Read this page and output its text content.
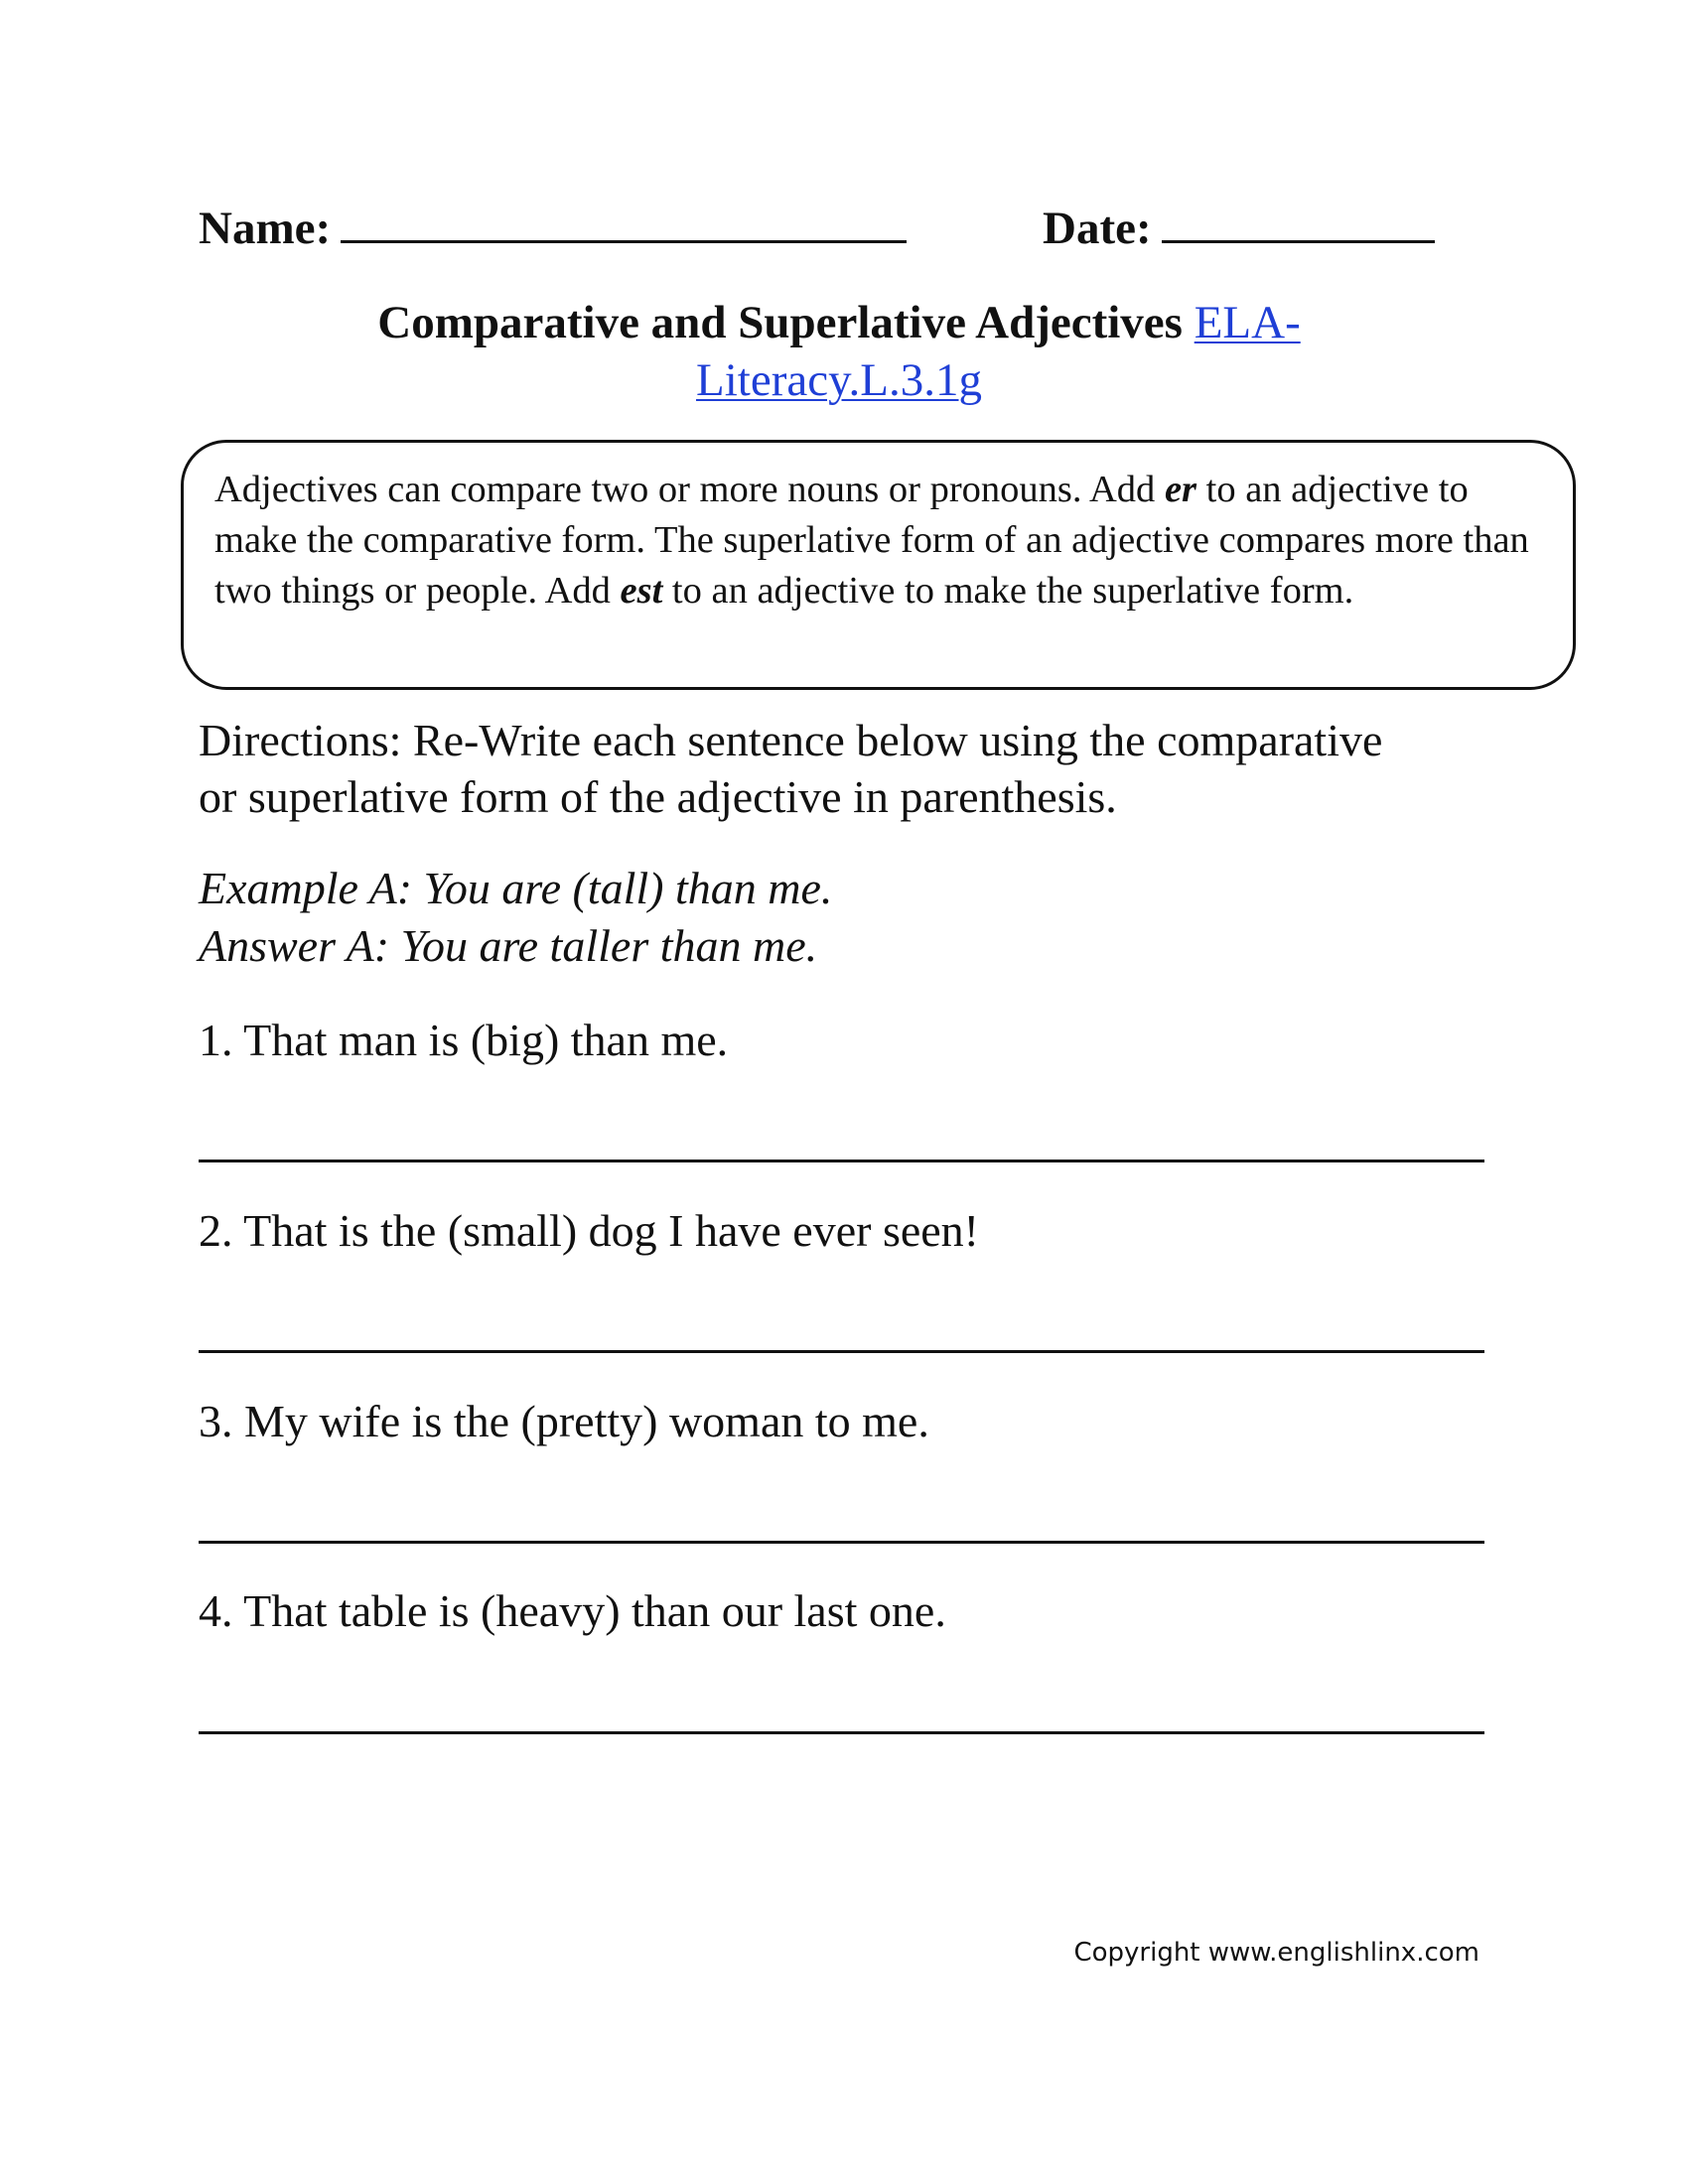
Name:	Date:
Comparative and Superlative Adjectives ELA-
Literacy.L.3.1g
Adjectives can compare two or more nouns or pronouns. Add er to an adjective to make the comparative form. The superlative form of an adjective compares more than two things or people. Add est to an adjective to make the superlative form.
Directions: Re-Write each sentence below using the comparative
or superlative form of the adjective in parenthesis.
Example A: You are (tall) than me.
Answer A: You are taller than me.
1. That man is (big) than me.
2. That is the (small) dog I have ever seen!
3. My wife is the (pretty) woman to me.
4. That table is (heavy) than our last one.
Copyright www.englishlinx.com
